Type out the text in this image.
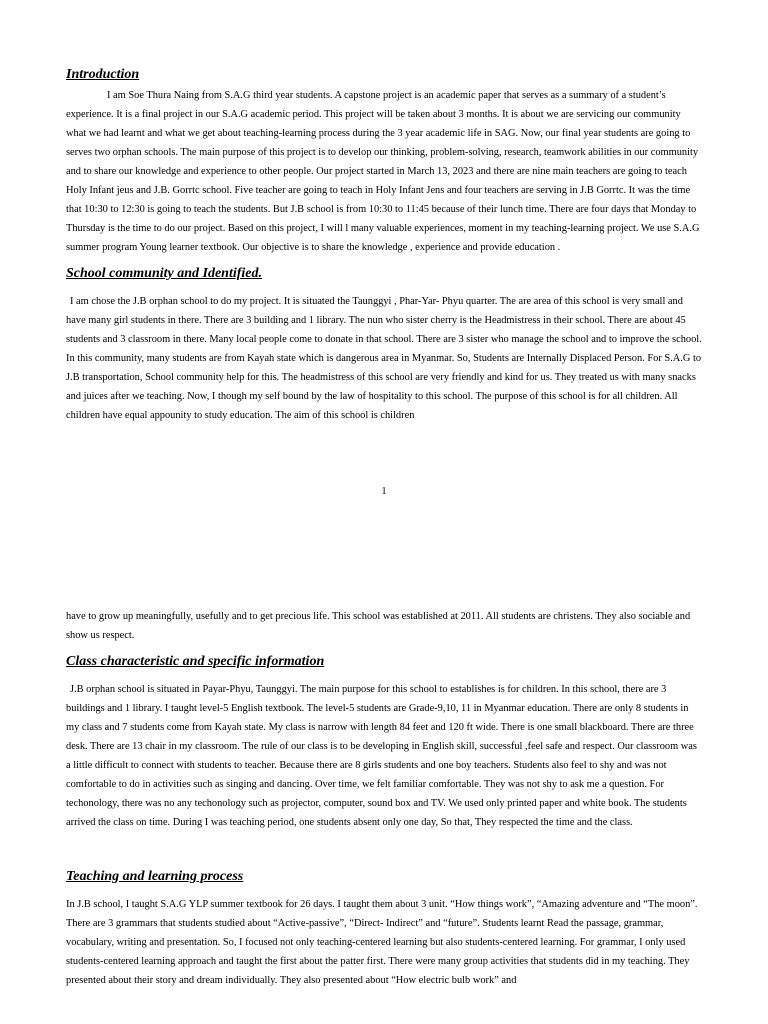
Introduction

I am Soe Thura Naing from S.A.G third year students. A capstone project is an academic paper that serves as a summary of a student’s experience. It is a final project in our S.A.G academic period. This project will be taken about 3 months. It is about we are servicing our community what we had learnt and what we get about teaching-learning process during the 3 year academic life in SAG. Now, our final year students are going to serves two orphan schools. The main purpose of this project is to develop our thinking, problem-solving, research, teamwork abilities in our community and to share our knowledge and experience to other people. Our project started in March 13, 2023 and there are nine main teachers are going to teach Holy Infant jeus and J.B. Gorrtc school. Five teacher are going to teach in Holy Infant Jens and four teachers are serving in J.B Gorrtc. It was the time that 10:30 to 12:30 is going to teach the students. But J.B school is from 10:30 to 11:45 because of their lunch time. There are four days that Monday to Thursday is the time to do our project. Based on this project, I will l many valuable experiences, moment in my teaching-learning project. We use S.A.G summer program Young learner textbook. Our objective is to share the knowledge , experience and provide education .

School community and Identified.

I am chose the J.B orphan school to do my project. It is situated the Taunggyi , Phar-Yar- Phyu quarter. The are area of this school is very small and have many girl students in there. There are 3 building and 1 library. The nun who sister cherry is the Headmistress in their school. There are about 45 students and 3 classroom in there. Many local people come to donate in that school. There are 3 sister who manage the school and to improve the school. In this community, many students are from Kayah state which is dangerous area in Myanmar. So, Students are Internally Displaced Person. For S.A.G to J.B transportation, School community help for this. The headmistress of this school are very friendly and kind for us. They treated us with many snacks and juices after we teaching. Now, I though my self bound by the law of hospitality to this school. The purpose of this school is for all children. All children have equal appounity to study education. The aim of this school is children

1

have to grow up meaningfully, usefully and to get precious life. This school was established at 2011. All students are christens. They also sociable and show us respect.

Class characteristic and specific information

J.B orphan school is situated in Payar-Phyu, Taunggyi. The main purpose for this school to establishes is for children. In this school, there are 3 buildings and 1 library. I taught level-5 English textbook. The level-5 students are Grade-9,10, 11 in Myanmar education. There are only 8 students in my class and 7 students come from Kayah state. My class is narrow with length 84 feet and 120 ft wide. There is one small blackboard. There are three desk. There are 13 chair in my classroom. The rule of our class is to be developing in English skill, successful ,feel safe and respect. Our classroom was a little difficult to connect with students to teacher. Because there are 8 girls students and one boy teachers. Students also feel to shy and was not comfortable to do in activities such as singing and dancing. Over time, we felt familiar comfortable. They was not shy to ask me a question. For techonology, there was no any techonology such as projector, computer, sound box and TV. We used only printed paper and white book. The students arrived the class on time. During I was teaching period, one students absent only one day, So that, They respected the time and the class.

Teaching and learning process

In J.B school, I taught S.A.G YLP summer textbook for 26 days. I taught them about 3 unit. “How things work”, “Amazing adventure and “The moon”. There are 3 grammars that students studied about “Active-passive”, “Direct- Indirect” and “future”. Students learnt Read the passage, grammar, vocabulary, writing and presentation. So, I focused not only teaching-centered learning but also students-centered learning. For grammar, I only used students-centered learning approach and taught the first about the patter first. There were many group activities that students did in my teaching. They presented about their story and dream individually. They also presented about “How electric bulb work” and
